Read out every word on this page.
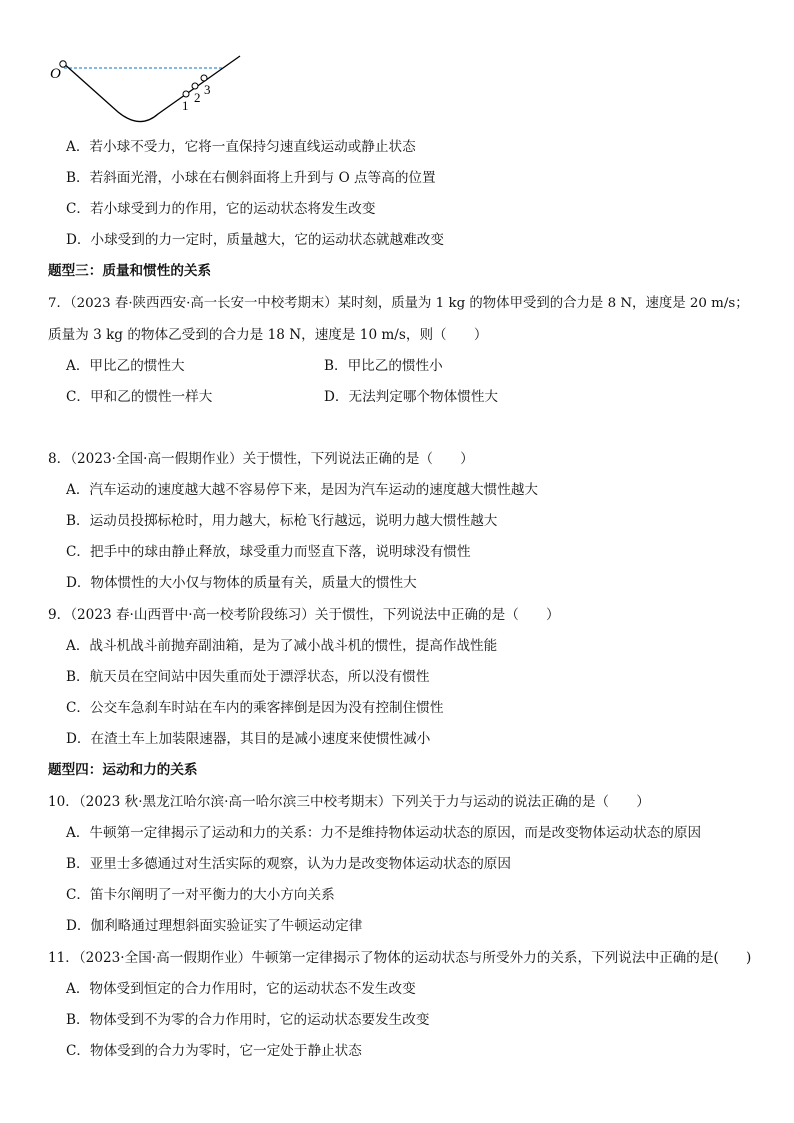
O
1
2
3
A．若小球不受力，它将一直保持匀速直线运动或静止状态
B．若斜面光滑，小球在右侧斜面将上升到与 O 点等高的位置
C．若小球受到力的作用，它的运动状态将发生改变
D．小球受到的力一定时，质量越大，它的运动状态就越难改变
题型三：质量和惯性的关系
7．（2023 春·陕西西安·高一长安一中校考期末）某时刻，质量为 1 kg 的物体甲受到的合力是 8 N，速度是 20 m/s；
质量为 3 kg 的物体乙受到的合力是 18 N，速度是 10 m/s，则（　　）
A．甲比乙的惯性大	B．甲比乙的惯性小
C．甲和乙的惯性一样大	D．无法判定哪个物体惯性大
8．（2023·全国·高一假期作业）关于惯性，下列说法正确的是（　　）
A．汽车运动的速度越大越不容易停下来，是因为汽车运动的速度越大惯性越大
B．运动员投掷标枪时，用力越大，标枪飞行越远，说明力越大惯性越大
C．把手中的球由静止释放，球受重力而竖直下落，说明球没有惯性
D．物体惯性的大小仅与物体的质量有关，质量大的惯性大
9．（2023 春·山西晋中·高一校考阶段练习）关于惯性，下列说法中正确的是（　　）
A．战斗机战斗前抛弃副油箱，是为了减小战斗机的惯性，提高作战性能
B．航天员在空间站中因失重而处于漂浮状态，所以没有惯性
C．公交车急刹车时站在车内的乘客摔倒是因为没有控制住惯性
D．在渣土车上加装限速器，其目的是减小速度来使惯性减小
题型四：运动和力的关系
10．（2023 秋·黑龙江哈尔滨·高一哈尔滨三中校考期末）下列关于力与运动的说法正确的是（　　）
A．牛顿第一定律揭示了运动和力的关系：力不是维持物体运动状态的原因，而是改变物体运动状态的原因
B．亚里士多德通过对生活实际的观察，认为力是改变物体运动状态的原因
C．笛卡尔阐明了一对平衡力的大小方向关系
D．伽利略通过理想斜面实验证实了牛顿运动定律
11．（2023·全国·高一假期作业）牛顿第一定律揭示了物体的运动状态与所受外力的关系，下列说法中正确的是(　　)
A．物体受到恒定的合力作用时，它的运动状态不发生改变
B．物体受到不为零的合力作用时，它的运动状态要发生改变
C．物体受到的合力为零时，它一定处于静止状态
